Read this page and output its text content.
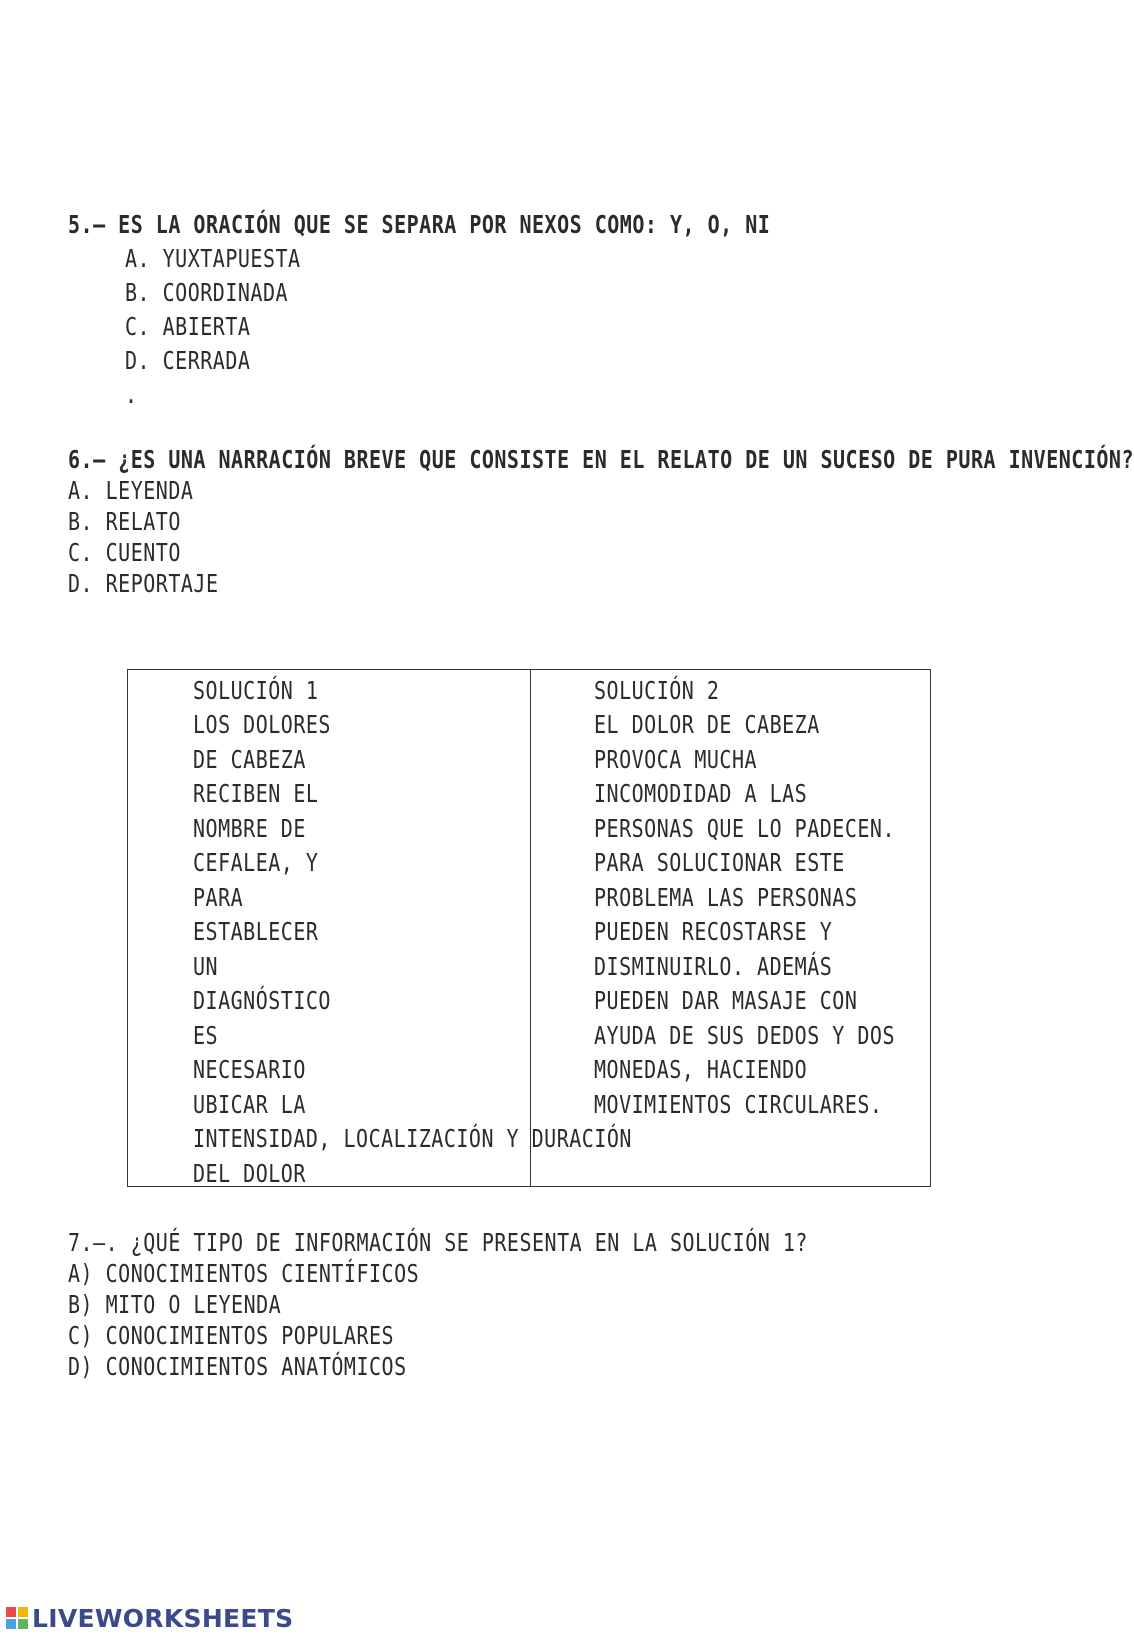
5.– ES LA ORACIÓN QUE SE SEPARA POR NEXOS COMO: Y, O, NI
A. YUXTAPUESTA
B. COORDINADA
C. ABIERTA
D. CERRADA
.
6.– ¿ES UNA NARRACIÓN BREVE QUE CONSISTE EN EL RELATO DE UN SUCESO DE PURA INVENCIÓN?
A. LEYENDA
B. RELATO
C. CUENTO
D. REPORTAJE
SOLUCIÓN 1
LOS DOLORES
DE CABEZA
RECIBEN EL
NOMBRE DE
CEFALEA, Y
PARA
ESTABLECER
UN
DIAGNÓSTICO
ES
NECESARIO
UBICAR LA
INTENSIDAD, LOCALIZACIÓN Y DURACIÓN
DEL DOLOR
SOLUCIÓN 2
EL DOLOR DE CABEZA
PROVOCA MUCHA
INCOMODIDAD A LAS
PERSONAS QUE LO PADECEN.
PARA SOLUCIONAR ESTE
PROBLEMA LAS PERSONAS
PUEDEN RECOSTARSE Y
DISMINUIRLO. ADEMÁS
PUEDEN DAR MASAJE CON
AYUDA DE SUS DEDOS Y DOS
MONEDAS, HACIENDO
MOVIMIENTOS CIRCULARES.
7.–. ¿QUÉ TIPO DE INFORMACIÓN SE PRESENTA EN LA SOLUCIÓN 1?
A) CONOCIMIENTOS CIENTÍFICOS
B) MITO O LEYENDA
C) CONOCIMIENTOS POPULARES
D) CONOCIMIENTOS ANATÓMICOS
LIVEWORKSHEETS
